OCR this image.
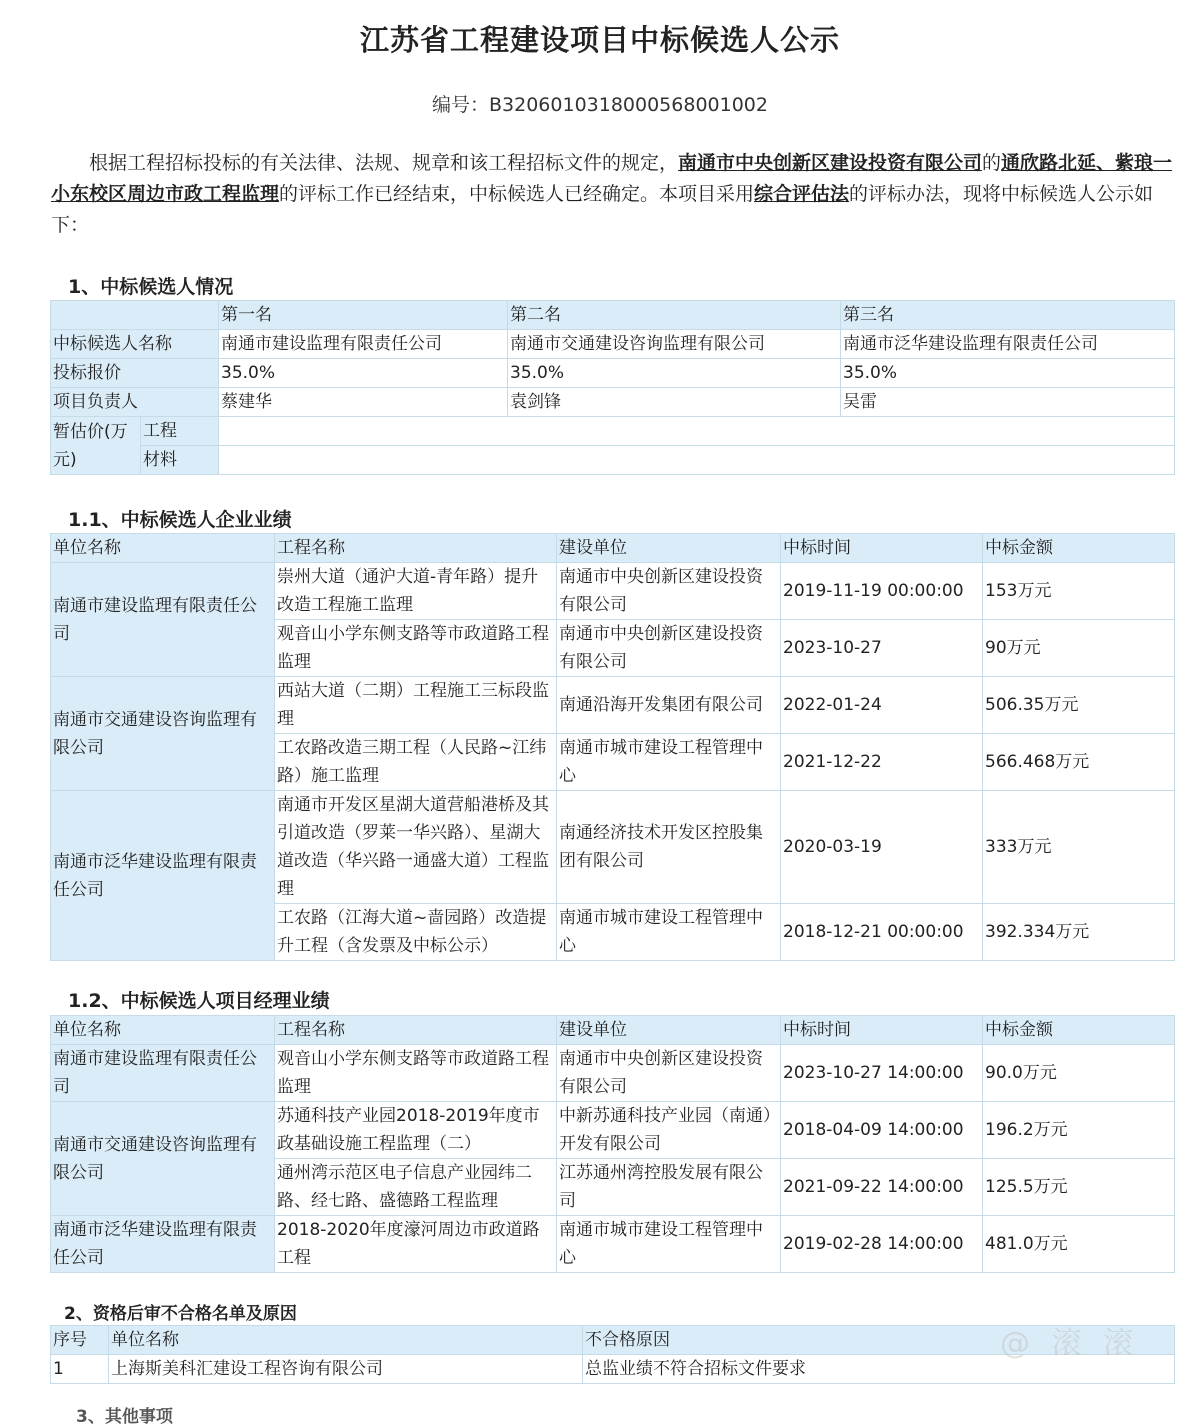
江苏省工程建设项目中标候选人公示
编号：B3206010318000568001002
根据工程招标投标的有关法律、法规、规章和该工程招标文件的规定，南通市中央创新区建设投资有限公司的通欣路北延、紫琅一小东校区周边市政工程监理的评标工作已经结束，中标候选人已经确定。本项目采用综合评估法的评标办法，现将中标候选人公示如下：
1、中标候选人情况
		第一名	第二名	第三名
中标候选人名称		南通市建设监理有限责任公司	南通市交通建设咨询监理有限公司	南通市泛华建设监理有限责任公司
投标报价		35.0%	35.0%	35.0%
项目负责人		蔡建华	袁剑锋	吴雷
暂估价(万元)	工程			
	材料			
1.1、中标候选人企业业绩
单位名称	工程名称	建设单位	中标时间	中标金额
南通市建设监理有限责任公司	崇州大道（通沪大道-青年路）提升改造工程施工监理	南通市中央创新区建设投资有限公司	2019-11-19 00:00:00	153万元
	观音山小学东侧支路等市政道路工程监理	南通市中央创新区建设投资有限公司	2023-10-27	90万元
南通市交通建设咨询监理有限公司	西站大道（二期）工程施工三标段监理	南通沿海开发集团有限公司	2022-01-24	506.35万元
	工农路改造三期工程（人民路~江纬路）施工监理	南通市城市建设工程管理中心	2021-12-22	566.468万元
南通市泛华建设监理有限责任公司	南通市开发区星湖大道营船港桥及其引道改造（罗莱一华兴路）、星湖大道改造（华兴路一通盛大道）工程监理	南通经济技术开发区控股集团有限公司	2020-03-19	333万元
	工农路（江海大道~啬园路）改造提升工程（含发票及中标公示）	南通市城市建设工程管理中心	2018-12-21 00:00:00	392.334万元
1.2、中标候选人项目经理业绩
单位名称	工程名称	建设单位	中标时间	中标金额
南通市建设监理有限责任公司	观音山小学东侧支路等市政道路工程监理	南通市中央创新区建设投资有限公司	2023-10-27 14:00:00	90.0万元
南通市交通建设咨询监理有限公司	苏通科技产业园2018-2019年度市政基础设施工程监理（二）	中新苏通科技产业园（南通）开发有限公司	2018-04-09 14:00:00	196.2万元
	通州湾示范区电子信息产业园纬二路、经七路、盛德路工程监理	江苏通州湾控股发展有限公司	2021-09-22 14:00:00	125.5万元
南通市泛华建设监理有限责任公司	2018-2020年度濠河周边市政道路工程	南通市城市建设工程管理中心	2019-02-28 14:00:00	481.0万元
2、资格后审不合格名单及原因
序号	单位名称	不合格原因
1	上海斯美科汇建设工程咨询有限公司	总监业绩不符合招标文件要求
@ 滚 滚
3、其他事项
